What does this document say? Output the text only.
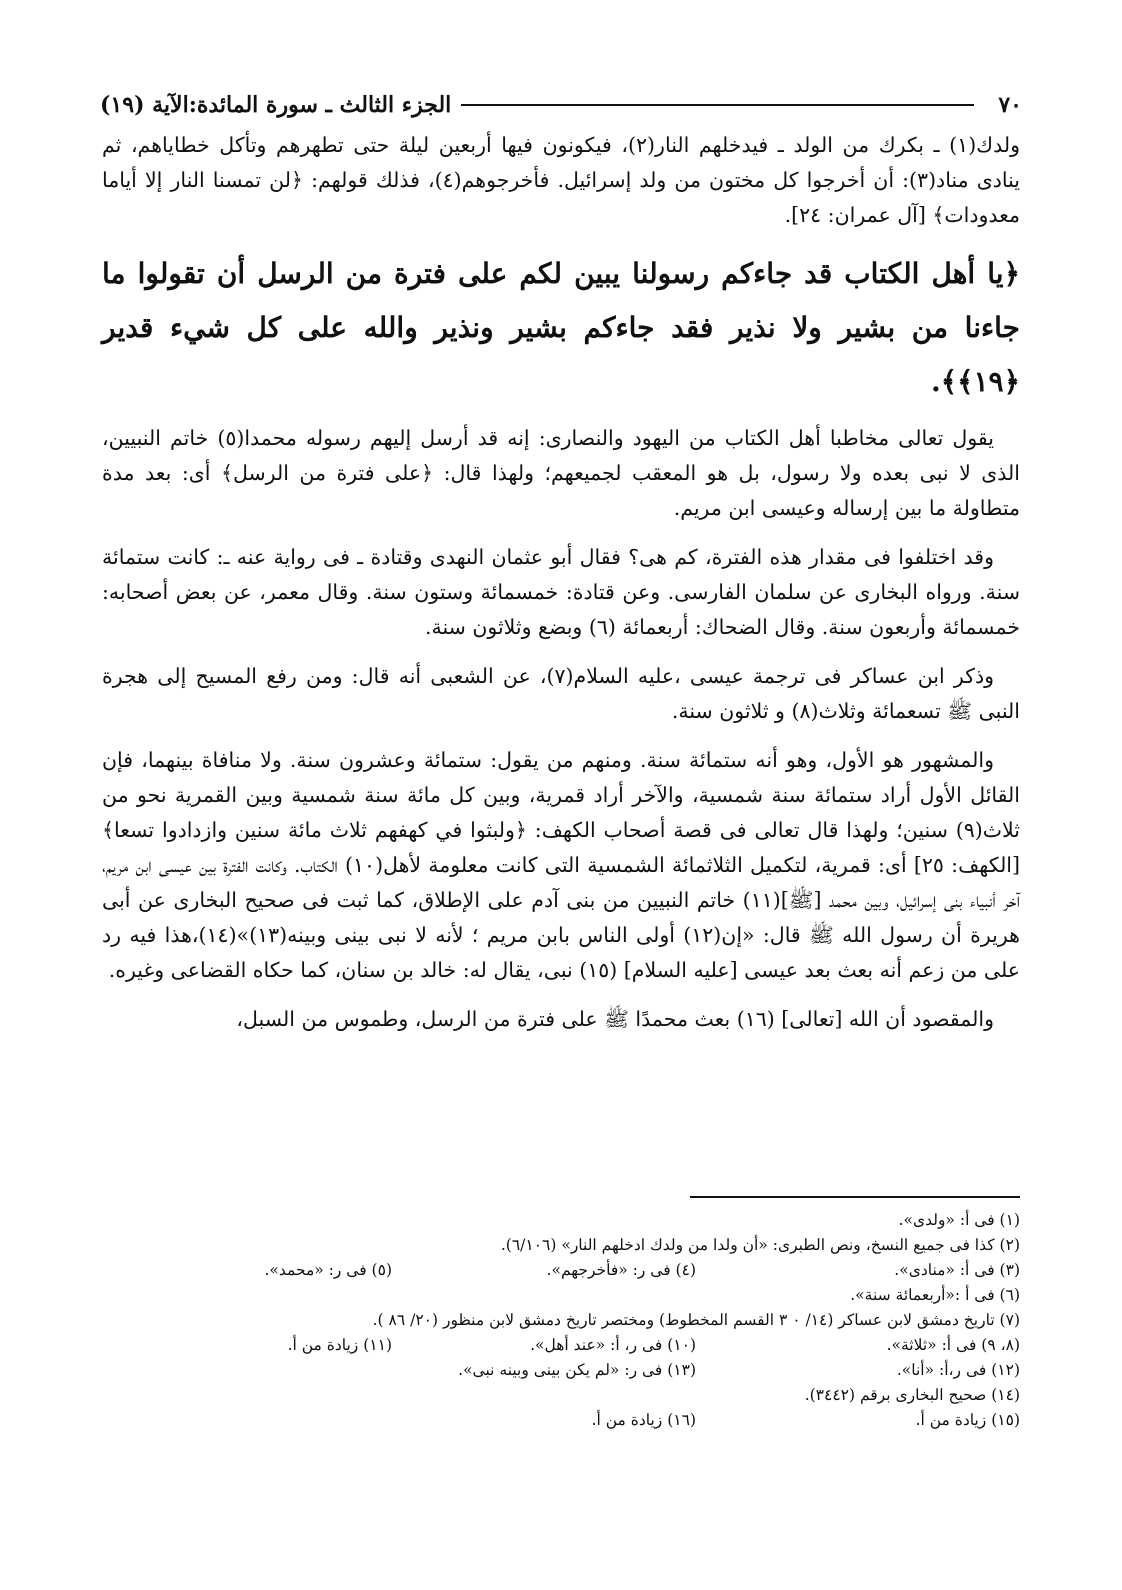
٧٠
الجزء الثالث ـ سورة المائدة:الآية (١٩)

ولدك(١) ـ بكرك من الولد ـ فيدخلهم النار(٢)، فيكونون فيها أربعين ليلة حتى تطهرهم وتأكل خطاياهم، ثم ينادى مناد(٣): أن أخرجوا كل مختون من ولد إسرائيل. فأخرجوهم(٤)، فذلك قولهم: ﴿لن تمسنا النار إلا أياما معدودات﴾ [آل عمران: ٢٤].

﴿يا أهل الكتاب قد جاءكم رسولنا يبين لكم على فترة من الرسل أن تقولوا ما جاءنا من بشير ولا نذير فقد جاءكم بشير ونذير والله على كل شيء قدير ﴿١٩﴾﴾.

يقول تعالى مخاطبا أهل الكتاب من اليهود والنصارى: إنه قد أرسل إليهم رسوله محمدا(٥) خاتم النبيين، الذى لا نبى بعده ولا رسول، بل هو المعقب لجميعهم؛ ولهذا قال: ﴿على فترة من الرسل﴾ أى: بعد مدة متطاولة ما بين إرساله وعيسى ابن مريم.

وقد اختلفوا فى مقدار هذه الفترة، كم هى؟ فقال أبو عثمان النهدى وقتادة ـ فى رواية عنه ـ: كانت ستمائة سنة. ورواه البخارى عن سلمان الفارسى. وعن قتادة: خمسمائة وستون سنة. وقال معمر، عن بعض أصحابه: خمسمائة وأربعون سنة. وقال الضحاك: أربعمائة (٦) وبضع وثلاثون سنة.

وذكر ابن عساكر فى ترجمة عيسى ،عليه السلام(٧)، عن الشعبى أنه قال: ومن رفع المسيح إلى هجرة النبى ﷺ تسعمائة وثلاث(٨) و ثلاثون سنة.

والمشهور هو الأول، وهو أنه ستمائة سنة. ومنهم من يقول: ستمائة وعشرون سنة. ولا منافاة بينهما، فإن القائل الأول أراد ستمائة سنة شمسية، والآخر أراد قمرية، وبين كل مائة سنة شمسية وبين القمرية نحو من ثلاث(٩) سنين؛ ولهذا قال تعالى فى قصة أصحاب الكهف: ﴿ولبثوا في كهفهم ثلاث مائة سنين وازدادوا تسعا﴾ [الكهف: ٢٥] أى: قمرية، لتكميل الثلاثمائة الشمسية التى كانت معلومة لأهل(١٠) الكتاب. وكانت الفترة بين عيسى ابن مريم، آخر أنبياء بنى إسرائيل، وبين محمد [ﷺ](١١) خاتم النبيين من بنى آدم على الإطلاق، كما ثبت فى صحيح البخارى عن أبى هريرة أن رسول الله ﷺ قال: «إن(١٢) أولى الناس بابن مريم ؛ لأنه لا نبى بينى وبينه(١٣)»(١٤)،هذا فيه رد على من زعم أنه بعث بعد عيسى [عليه السلام] (١٥) نبى، يقال له: خالد بن سنان، كما حكاه القضاعى وغيره.

والمقصود أن الله [تعالى] (١٦) بعث محمدًا ﷺ على فترة من الرسل، وطموس من السبل،

(١) فى أ: «ولدى».
(٢) كذا فى جميع النسخ، ونص الطبرى: «أن ولدا من ولدك ادخلهم النار» (٦/١٠٦).
(٣) فى أ: «منادى».
(٤) فى ر: «فأخرجهم».
(٥) فى ر: «محمد».
(٦) فى أ :«أربعمائة سنة».
(٧) تاريخ دمشق لابن عساكر (١٤/ ٠ ٣ القسم المخطوط) ومختصر تاريخ دمشق لابن منظور (٢٠/ ٨٦ ).
(٨، ٩) فى أ: «ثلاثة».
(١٠) فى ر، أ: «عند أهل».
(١١) زيادة من أ.
(١٢) فى ر،أ: «أنا».
(١٣) فى ر: «لم يكن بينى وبينه نبى».
(١٤) صحيح البخارى برقم (٣٤٤٢).
(١٥) زيادة من أ.
(١٦) زيادة من أ.
